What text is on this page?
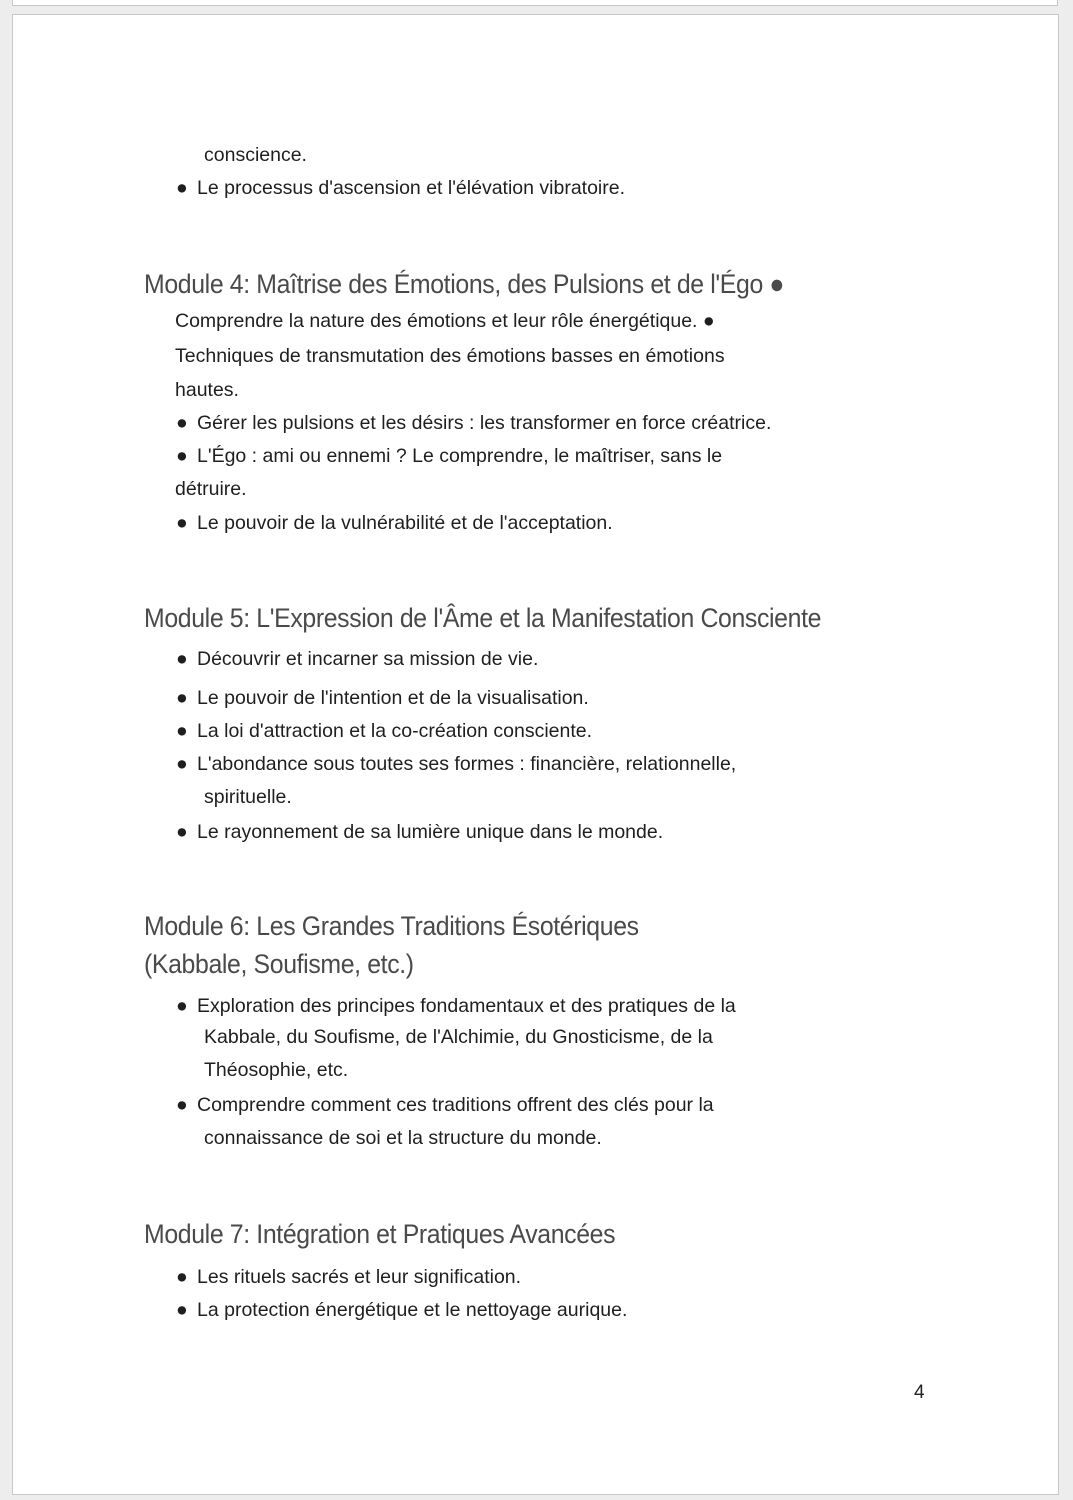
conscience.

● Le processus d'ascension et l'élévation vibratoire.

Module 4: Maîtrise des Émotions, des Pulsions et de l'Égo ●

Comprendre la nature des émotions et leur rôle énergétique. ●

Techniques de transmutation des émotions basses en émotions

hautes.

● Gérer les pulsions et les désirs : les transformer en force créatrice.

● L'Égo : ami ou ennemi ? Le comprendre, le maîtriser, sans le

détruire.

● Le pouvoir de la vulnérabilité et de l'acceptation.

Module 5: L'Expression de l'Âme et la Manifestation Consciente

● Découvrir et incarner sa mission de vie.

● Le pouvoir de l'intention et de la visualisation.

● La loi d'attraction et la co-création consciente.

● L'abondance sous toutes ses formes : financière, relationnelle,

spirituelle.

● Le rayonnement de sa lumière unique dans le monde.

Module 6: Les Grandes Traditions Ésotériques
(Kabbale, Soufisme, etc.)

● Exploration des principes fondamentaux et des pratiques de la

Kabbale, du Soufisme, de l'Alchimie, du Gnosticisme, de la

Théosophie, etc.

● Comprendre comment ces traditions offrent des clés pour la

connaissance de soi et la structure du monde.

Module 7: Intégration et Pratiques Avancées

● Les rituels sacrés et leur signification.

● La protection énergétique et le nettoyage aurique.

4
